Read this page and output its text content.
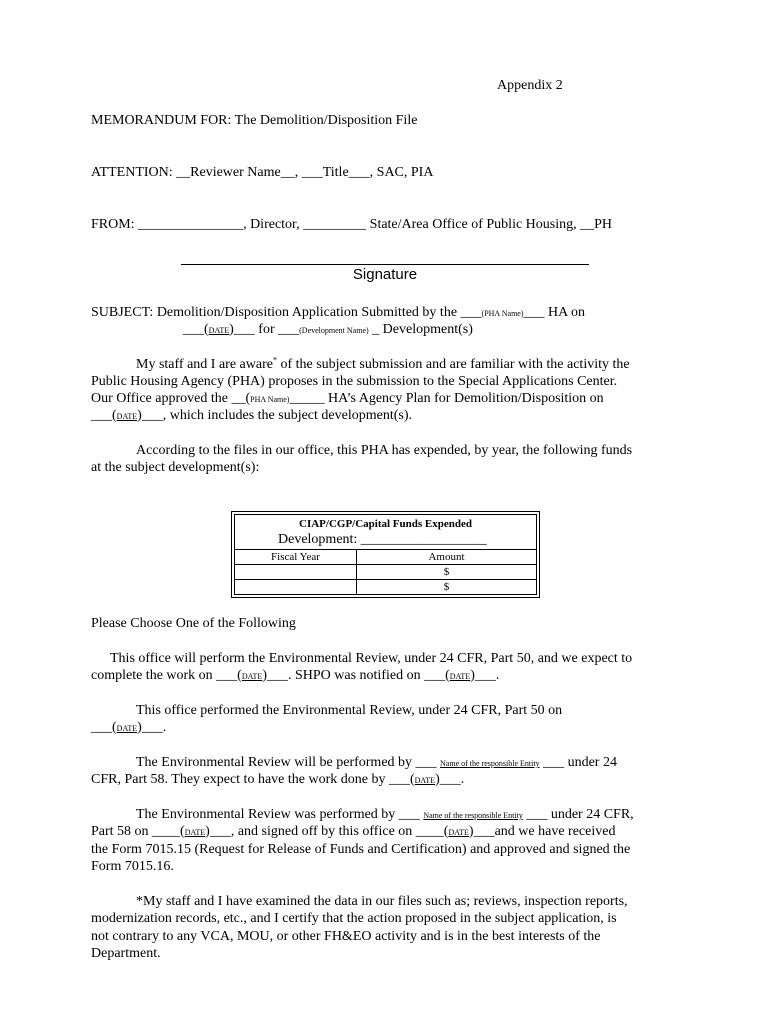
Appendix 2
MEMORANDUM FOR: The Demolition/Disposition File
ATTENTION: __Reviewer Name__, ___Title___, SAC, PIA
FROM: _______________, Director, _________ State/Area Office of Public Housing, __PH
Signature
SUBJECT: Demolition/Disposition Application Submitted by the ___(PHA Name)___ HA on
___(DATE)___ for ___(Development Name) _ Development(s)
My staff and I are aware* of the subject submission and are familiar with the activity the
Public Housing Agency (PHA) proposes in the submission to the Special Applications Center.
Our Office approved the __(PHA Name)_____ HA’s Agency Plan for Demolition/Disposition on
___(DATE)___, which includes the subject development(s).
According to the files in our office, this PHA has expended, by year, the following funds
at the subject development(s):
CIAP/CGP/Capital Funds Expended
Development: __________________
Fiscal Year	Amount
$
$
Please Choose One of the Following
This office will perform the Environmental Review, under 24 CFR, Part 50, and we expect to
complete the work on ___(DATE)___. SHPO was notified on ___(DATE)___.
This office performed the Environmental Review, under 24 CFR, Part 50 on
___(DATE)___.
The Environmental Review will be performed by ___ Name of the responsible Entity ___ under 24
CFR, Part 58. They expect to have the work done by ___(DATE)___.
The Environmental Review was performed by ___ Name of the responsible Entity ___ under 24 CFR,
Part 58 on ____(DATE)___, and signed off by this office on ____(DATE)___and we have received
the Form 7015.15 (Request for Release of Funds and Certification) and approved and signed the
Form 7015.16.
*My staff and I have examined the data in our files such as; reviews, inspection reports,
modernization records, etc., and I certify that the action proposed in the subject application, is
not contrary to any VCA, MOU, or other FH&EO activity and is in the best interests of the
Department.
